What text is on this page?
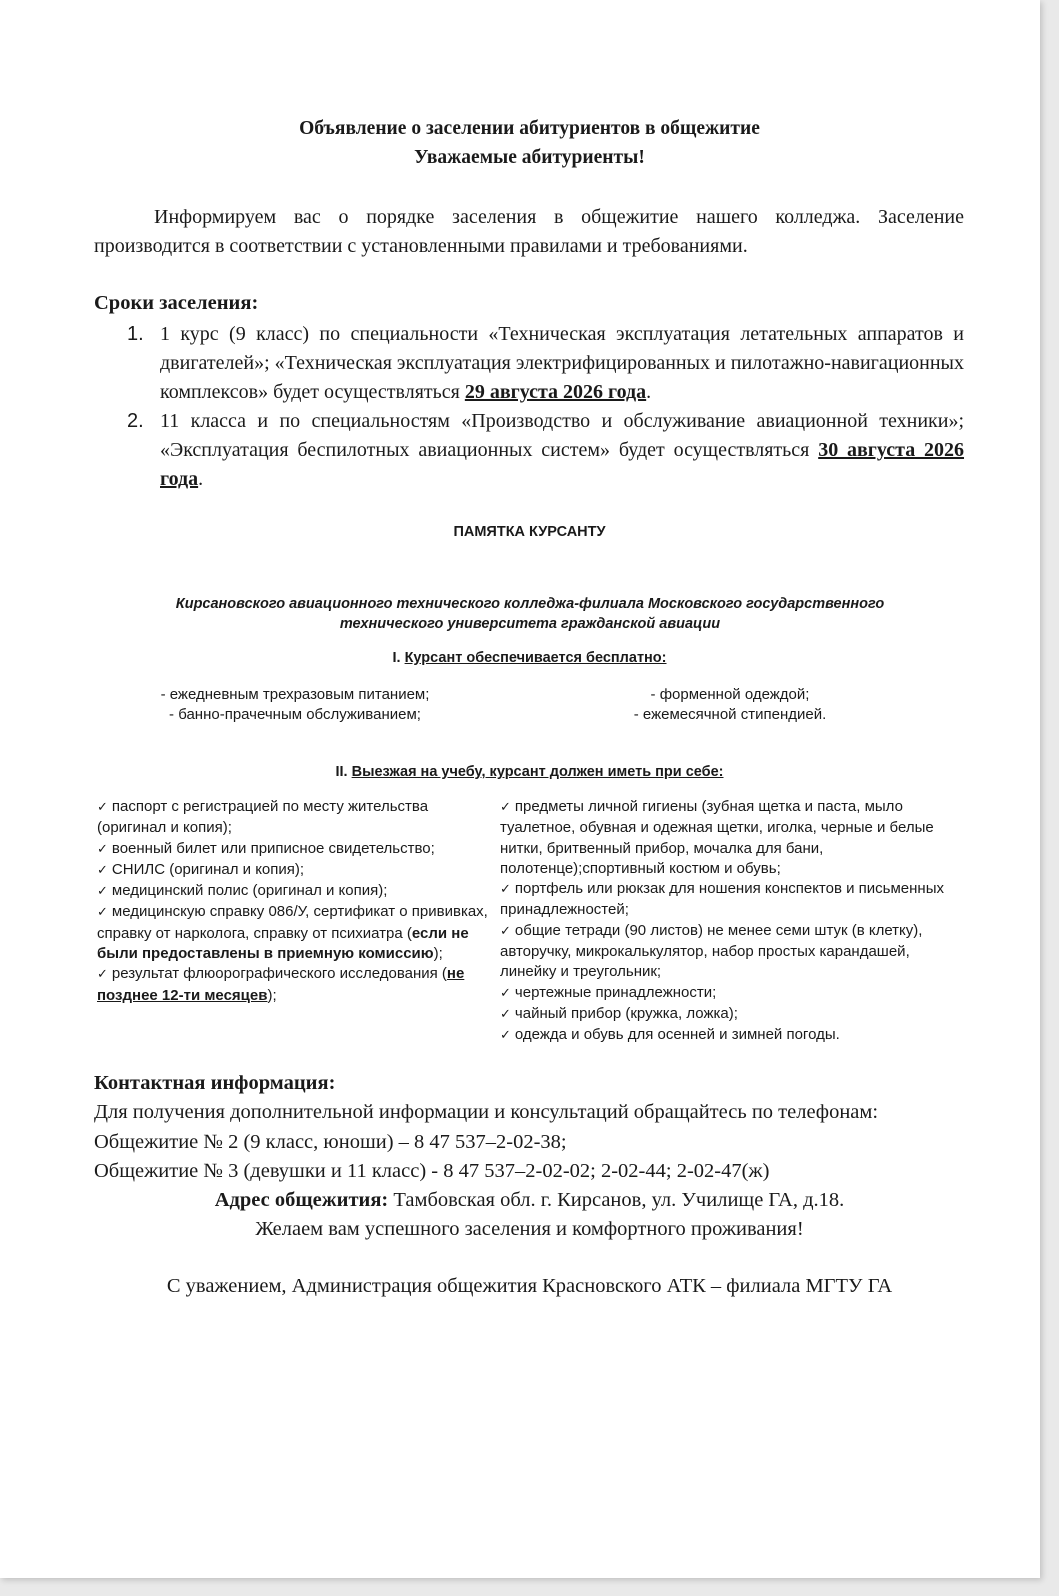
Объявление о заселении абитуриентов в общежитие
Уважаемые абитуриенты!
Информируем вас о порядке заселения в общежитие нашего колледжа. Заселение производится в соответствии с установленными правилами и требованиями.
Сроки заселения:
1. 1 курс (9 класс) по специальности «Техническая эксплуатация летательных аппаратов и двигателей»; «Техническая эксплуатация электрифицированных и пилотажно-навигационных комплексов» будет осуществляться 29 августа 2026 года.
2. 11 класса и по специальностям «Производство и обслуживание авиационной техники»; «Эксплуатация беспилотных авиационных систем» будет осуществляться 30 августа 2026 года.
ПАМЯТКА КУРСАНТУ
Кирсановского авиационного технического колледжа-филиала Московского государственного технического университета гражданской авиации
I. Курсант обеспечивается бесплатно:
- ежедневным трехразовым питанием;
- банно-прачечным обслуживанием;
- форменной одеждой;
- ежемесячной стипендией.
II. Выезжая на учебу, курсант должен иметь при себе:
✓ паспорт с регистрацией по месту жительства (оригинал и копия);
✓ военный билет или приписное свидетельство;
✓ СНИЛС (оригинал и копия);
✓ медицинский полис (оригинал и копия);
✓ медицинскую справку 086/У, сертификат о прививках, справку от нарколога, справку от психиатра (если не были предоставлены в приемную комиссию);
✓ результат флюорографического исследования (не позднее 12-ти месяцев);
✓ предметы личной гигиены (зубная щетка и паста, мыло туалетное, обувная и одежная щетки, иголка, черные и белые нитки, бритвенный прибор, мочалка для бани, полотенце);спортивный костюм и обувь;
✓ портфель или рюкзак для ношения конспектов и письменных принадлежностей;
✓ общие тетради (90 листов) не менее семи штук (в клетку), авторучку, микрокалькулятор, набор простых карандашей, линейку и треугольник;
✓ чертежные принадлежности;
✓ чайный прибор (кружка, ложка);
✓ одежда и обувь для осенней и зимней погоды.
Контактная информация:
Для получения дополнительной информации и консультаций обращайтесь по телефонам:
Общежитие № 2 (9 класс, юноши) – 8 47 537–2-02-38;
Общежитие № 3 (девушки и 11 класс) - 8 47 537–2-02-02; 2-02-44; 2-02-47(ж)
Адрес общежития: Тамбовская обл. г. Кирсанов, ул. Училище ГА, д.18.
Желаем вам успешного заселения и комфортного проживания!
С уважением, Администрация общежития Красновского АТК – филиала МГТУ ГА
